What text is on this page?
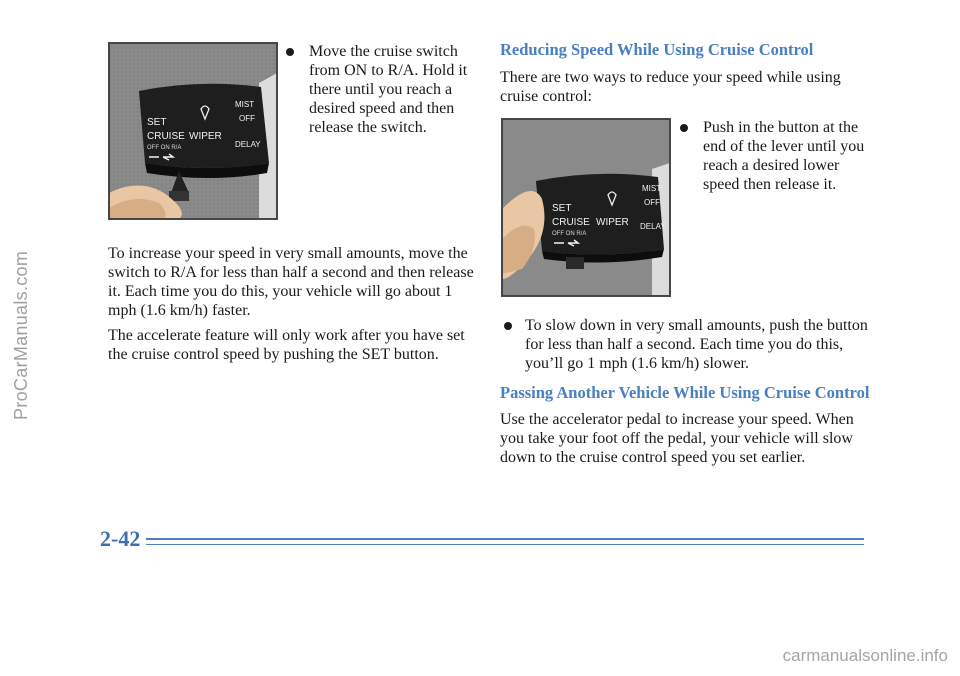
SET
CRUISE WIPER
OFF ON R/A
MIST
OFF
DELAY

Move the cruise switch from ON to R/A. Hold it there until you reach a desired speed and then release the switch.

To increase your speed in very small amounts, move the switch to R/A for less than half a second and then release it. Each time you do this, your vehicle will go about 1 mph (1.6 km/h) faster.

The accelerate feature will only work after you have set the cruise control speed by pushing the SET button.

Reducing Speed While Using Cruise Control

There are two ways to reduce your speed while using cruise control:

SET
CRUISE WIPER
OFF ON R/A
MIST
OFF
DELAY

Push in the button at the end of the lever until you reach a desired lower speed then release it.

To slow down in very small amounts, push the button for less than half a second. Each time you do this, you’ll go 1 mph (1.6 km/h) slower.

Passing Another Vehicle While Using Cruise Control

Use the accelerator pedal to increase your speed. When you take your foot off the pedal, your vehicle will slow down to the cruise control speed you set earlier.

2-42

ProCarManuals.com
carmanualsonline.info
